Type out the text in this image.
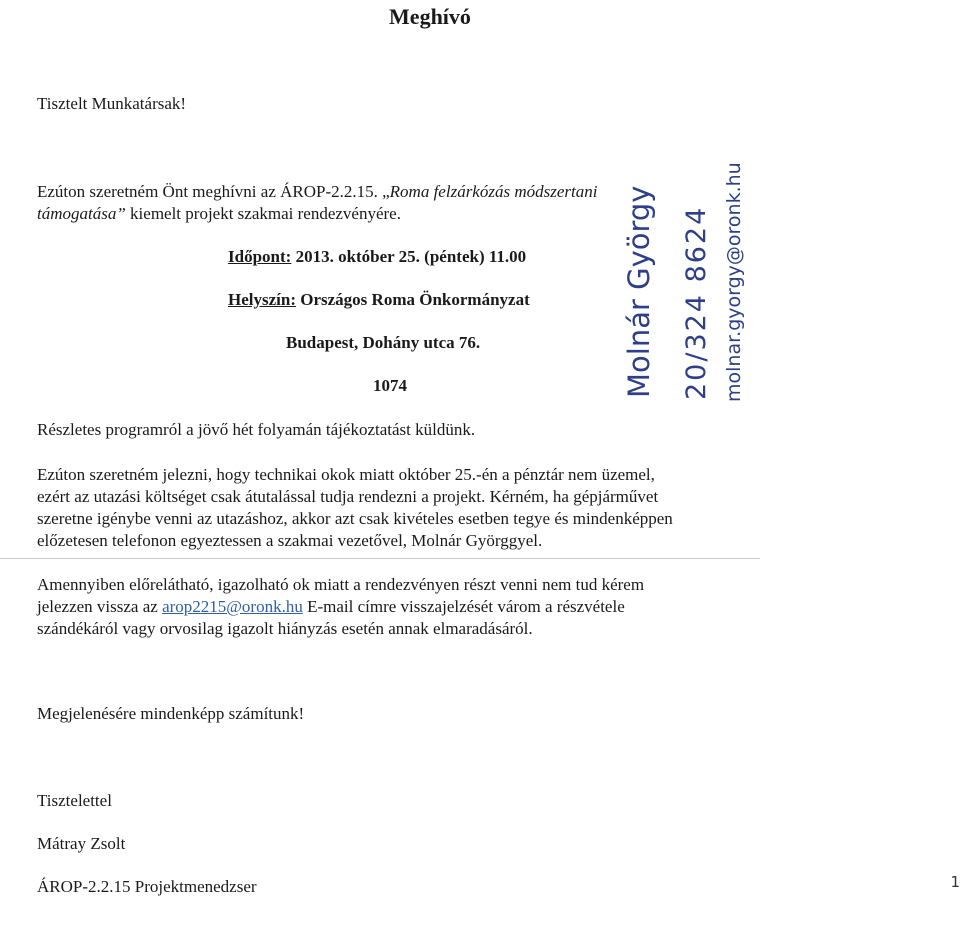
Meghívó
Tisztelt Munkatársak!
Ezúton szeretném Önt meghívni az ÁROP-2.2.15. „Roma felzárkózás módszertani
támogatása” kiemelt projekt szakmai rendezvényére.
Időpont: 2013. október 25. (péntek) 11.00
Helyszín: Országos Roma Önkormányzat
Budapest, Dohány utca 76.
1074
Részletes programról a jövő hét folyamán tájékoztatást küldünk.
Ezúton szeretném jelezni, hogy technikai okok miatt október 25.-én a pénztár nem üzemel,
ezért az utazási költséget csak átutalással tudja rendezni a projekt. Kérném, ha gépjárművet
szeretne igénybe venni az utazáshoz, akkor azt csak kivételes esetben tegye és mindenképpen
előzetesen telefonon egyeztessen a szakmai vezetővel, Molnár Györggyel.
Amennyiben előrelátható, igazolható ok miatt a rendezvényen részt venni nem tud kérem
jelezzen vissza az arop2215@oronk.hu E-mail címre visszajelzését várom a részvétele
szándékáról vagy orvosilag igazolt hiányzás esetén annak elmaradásáról.
Megjelenésére mindenképp számítunk!
Tisztelettel
Mátray Zsolt
ÁROP-2.2.15 Projektmenedzser	1
Molnár György 20/324 8624 molnar.gyorgy@oronk.hu
